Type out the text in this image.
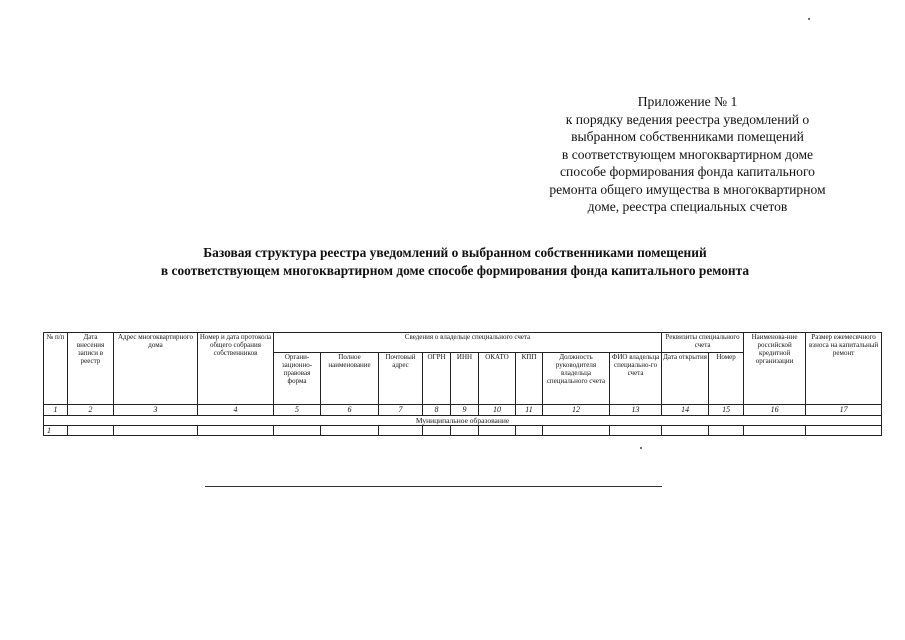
Приложение № 1
к порядку ведения реестра уведомлений о
выбранном собственниками помещений
в соответствующем многоквартирном доме
способе формирования фонда капитального
ремонта общего имущества в многоквартирном
доме, реестра специальных счетов
Базовая структура реестра уведомлений о выбранном собственниками помещений
в соответствующем многоквартирном доме способе формирования фонда капитального ремонта
№ п/п	Дата внесения записи в реестр	Адрес многоквартирного дома	Номер и дата протокола общего собрания собственников	Сведения о владельце специального счета									Реквизиты специального счета		Наименова-ние российской кредитной организации	Размер ежемесячного взноса на капитальный ремонт
				Органи-зационно-правовая форма	Полное наименование	Почтовый адрес	ОГРН	ИНН	ОКАТО	КПП	Должность руководителя владельца специального счета	ФИО владельца специально-го счета	Дата открытия	Номер		
1	2	3	4	5	6	7	8	9	10	11	12	13	14	15	16	17
Муниципальное образование																
1																
